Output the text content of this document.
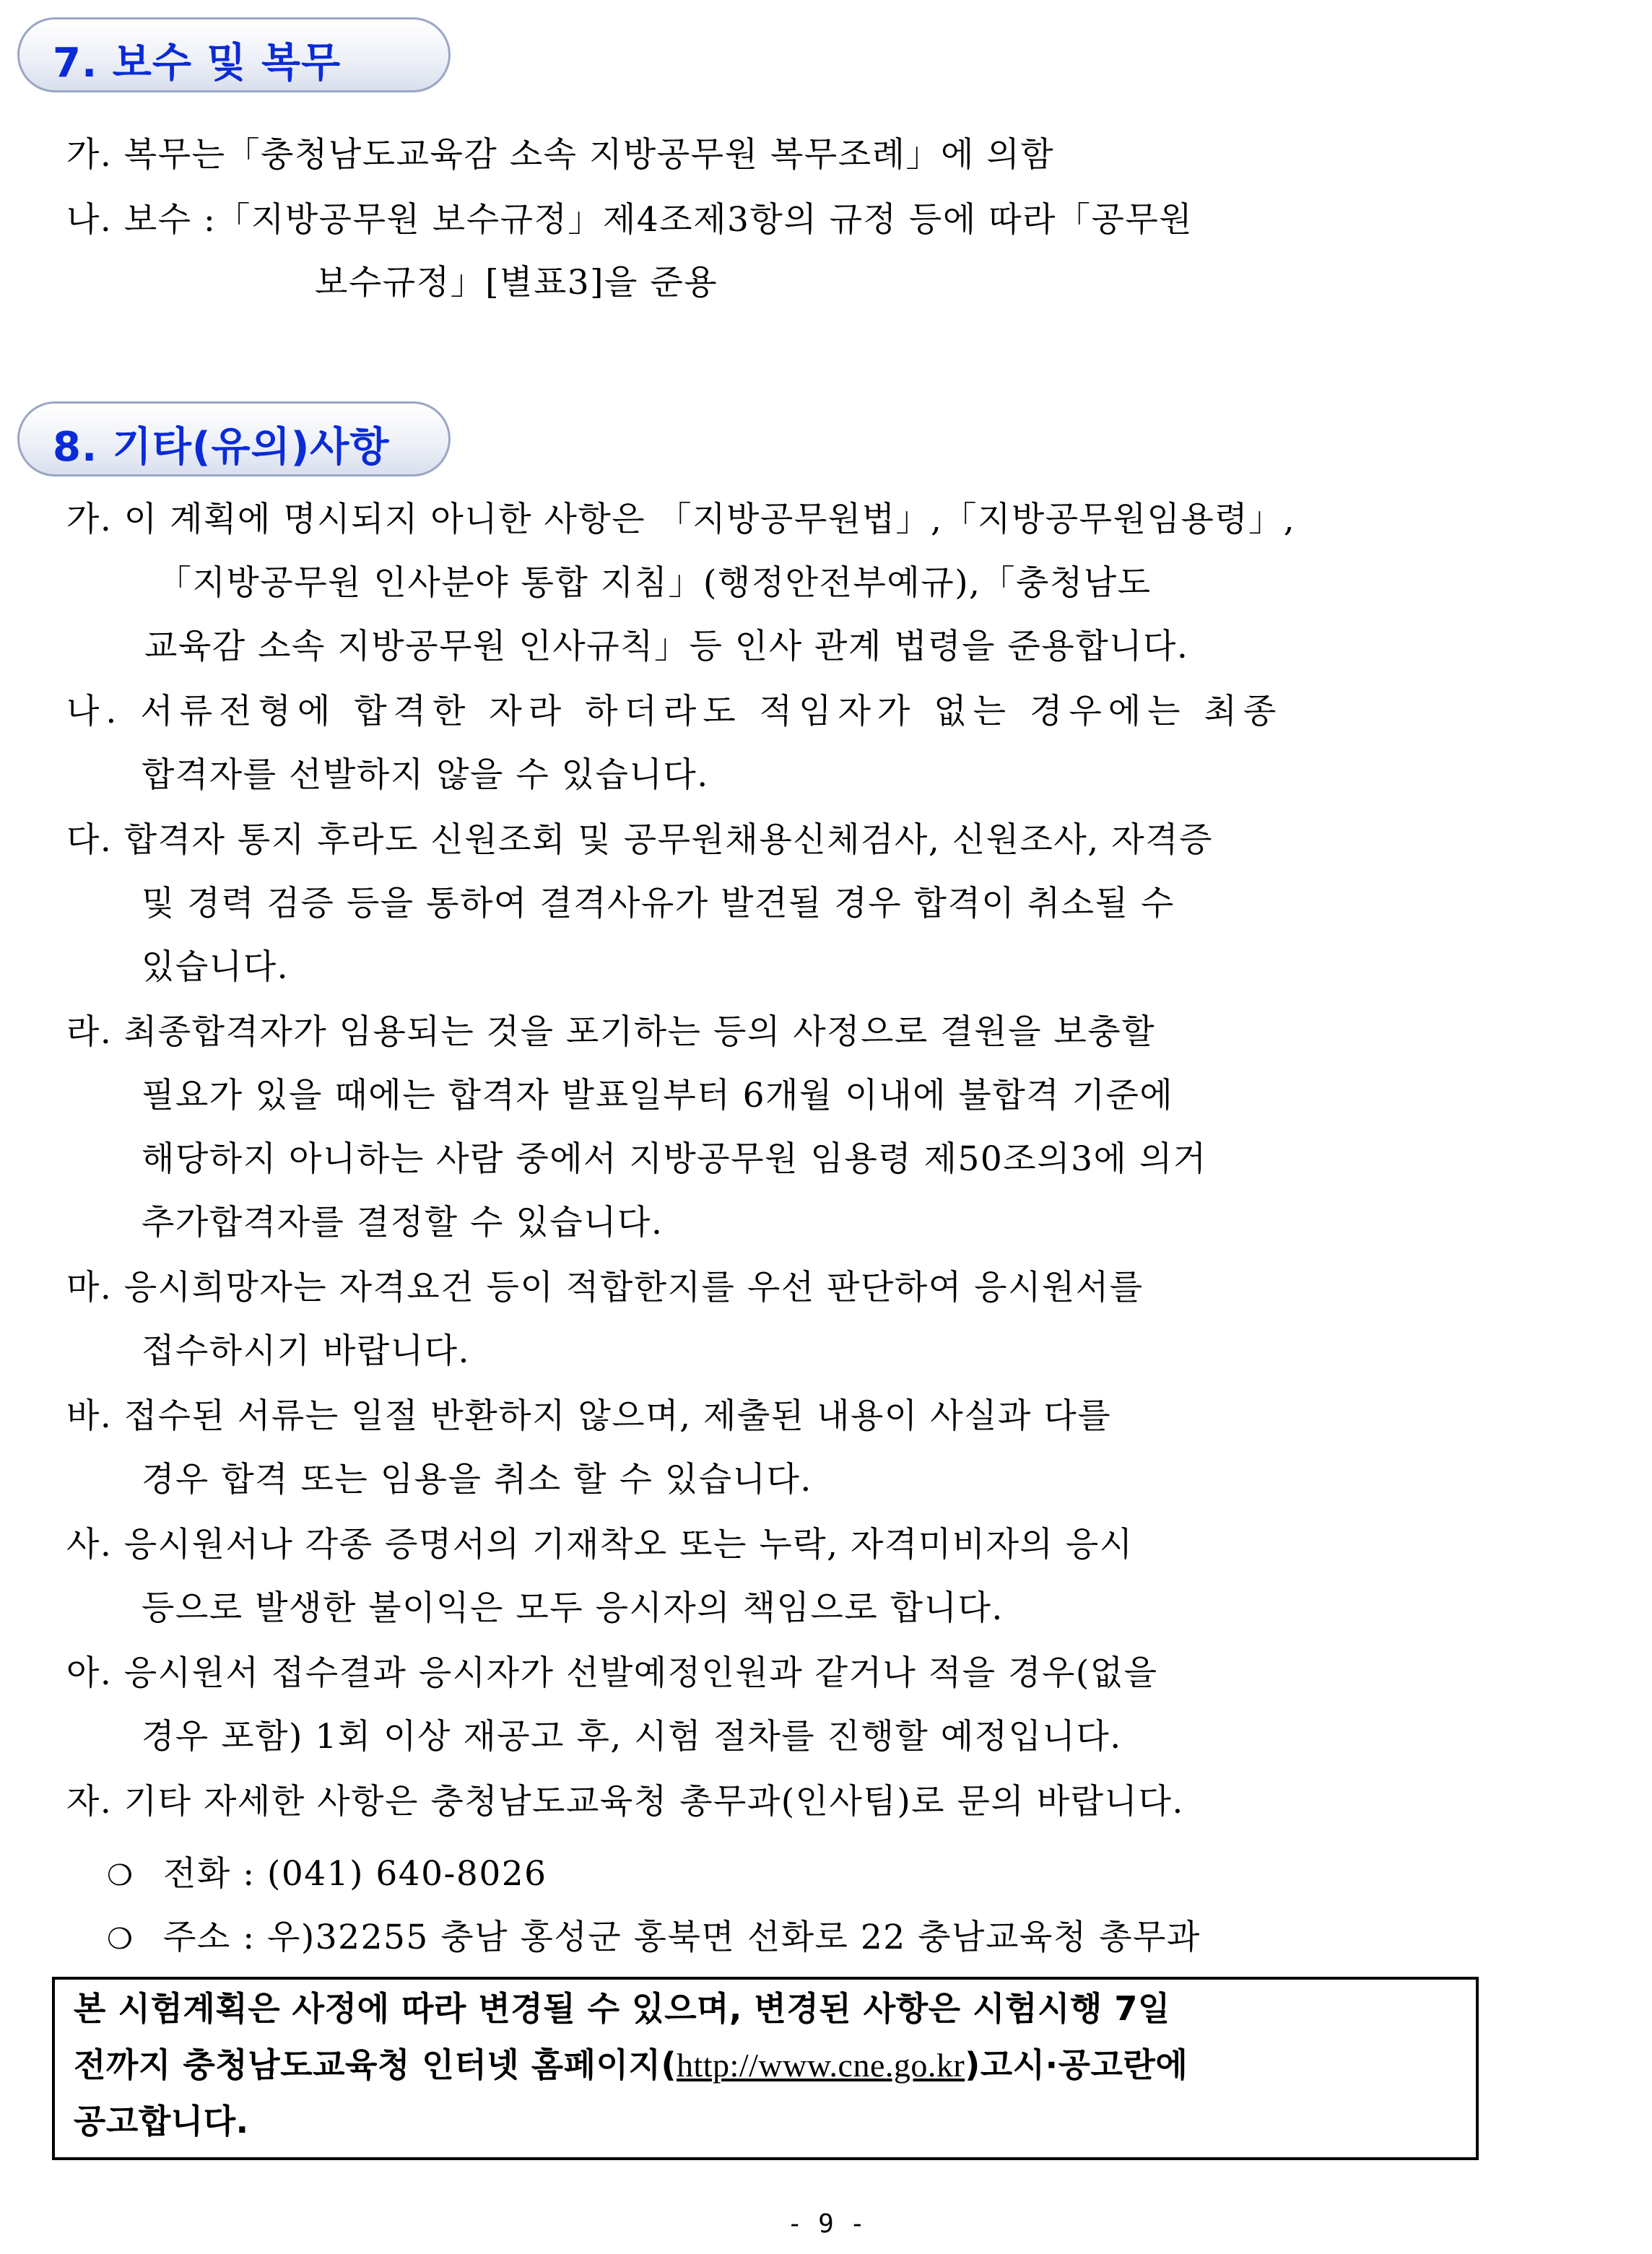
7. 보수 및 복무
가. 복무는「충청남도교육감 소속 지방공무원 복무조례」에 의함
나. 보수 :「지방공무원 보수규정」제4조제3항의 규정 등에 따라「공무원
보수규정」[별표3]을 준용
8. 기타(유의)사항
가. 이 계획에 명시되지 아니한 사항은 「지방공무원법」,「지방공무원임용령」,
「지방공무원 인사분야 통합 지침」(행정안전부예규),「충청남도
교육감 소속 지방공무원 인사규칙」등 인사 관계 법령을 준용합니다.
나. 서류전형에 합격한 자라 하더라도 적임자가 없는 경우에는 최종
합격자를 선발하지 않을 수 있습니다.
다. 합격자 통지 후라도 신원조회 및 공무원채용신체검사, 신원조사, 자격증
및 경력 검증 등을 통하여 결격사유가 발견될 경우 합격이 취소될 수
있습니다.
라. 최종합격자가 임용되는 것을 포기하는 등의 사정으로 결원을 보충할
필요가 있을 때에는 합격자 발표일부터 6개월 이내에 불합격 기준에
해당하지 아니하는 사람 중에서 지방공무원 임용령 제50조의3에 의거
추가합격자를 결정할 수 있습니다.
마. 응시희망자는 자격요건 등이 적합한지를 우선 판단하여 응시원서를
접수하시기 바랍니다.
바. 접수된 서류는 일절 반환하지 않으며, 제출된 내용이 사실과 다를
경우 합격 또는 임용을 취소 할 수 있습니다.
사. 응시원서나 각종 증명서의 기재착오 또는 누락, 자격미비자의 응시
등으로 발생한 불이익은 모두 응시자의 책임으로 합니다.
아. 응시원서 접수결과 응시자가 선발예정인원과 같거나 적을 경우(없을
경우 포함) 1회 이상 재공고 후, 시험 절차를 진행할 예정입니다.
자. 기타 자세한 사항은 충청남도교육청 총무과(인사팀)로 문의 바랍니다.
❍ 전화 : (041) 640-8026
❍ 주소 : 우)32255 충남 홍성군 홍북면 선화로 22 충남교육청 총무과
본 시험계획은 사정에 따라 변경될 수 있으며, 변경된 사항은 시험시행 7일
전까지 충청남도교육청 인터넷 홈페이지(http://www.cne.go.kr)고시·공고란에
공고합니다.
- 9 -
